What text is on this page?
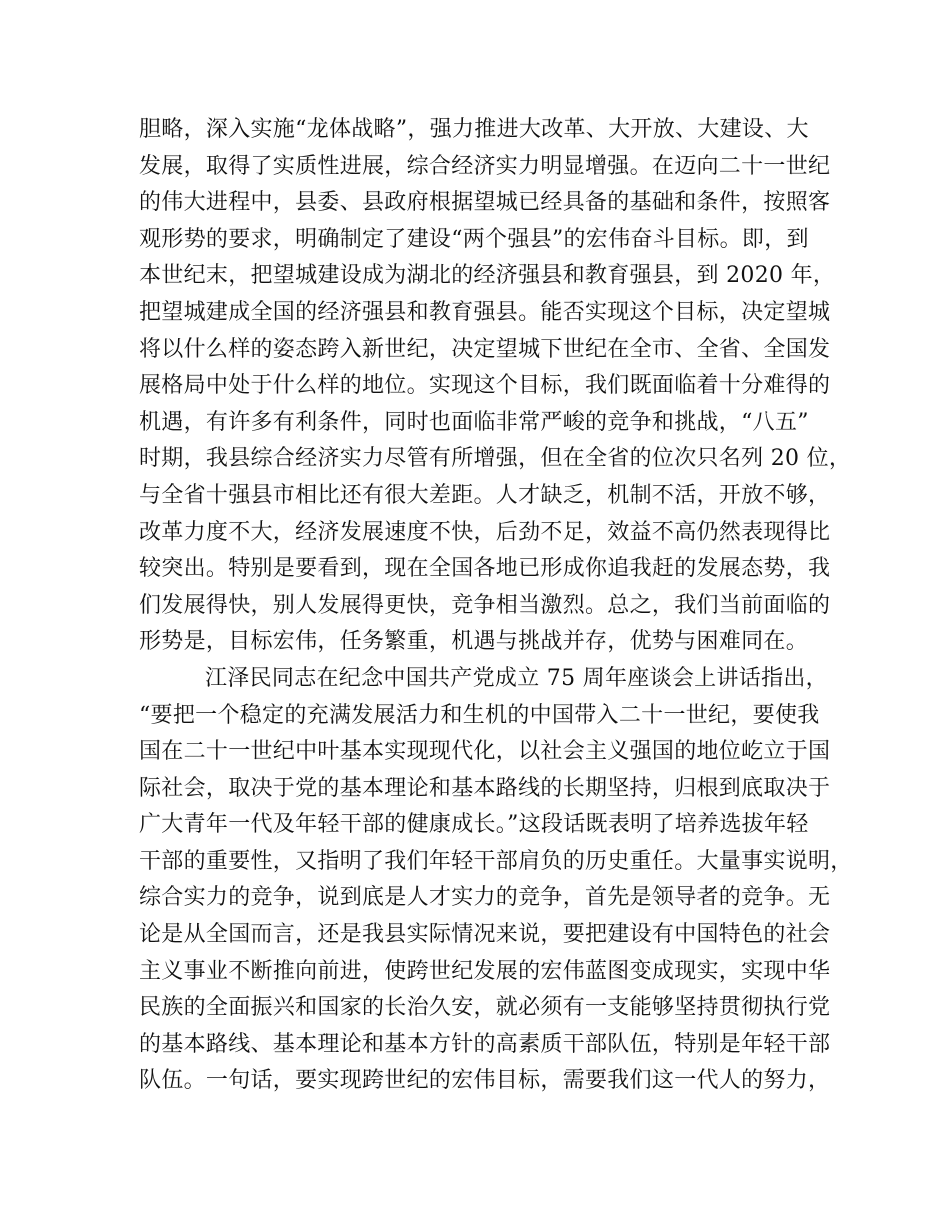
胆略，深入实施“龙体战略”，强力推进大改革、大开放、大建设、大
发展，取得了实质性进展，综合经济实力明显增强。在迈向二十一世纪
的伟大进程中，县委、县政府根据望城已经具备的基础和条件，按照客
观形势的要求，明确制定了建设“两个强县”的宏伟奋斗目标。即，到
本世纪末，把望城建设成为湖北的经济强县和教育强县，到 2020 年，
把望城建成全国的经济强县和教育强县。能否实现这个目标，决定望城
将以什么样的姿态跨入新世纪，决定望城下世纪在全市、全省、全国发
展格局中处于什么样的地位。实现这个目标，我们既面临着十分难得的
机遇，有许多有利条件，同时也面临非常严峻的竞争和挑战，“八五”
时期，我县综合经济实力尽管有所增强，但在全省的位次只名列 20 位，
与全省十强县市相比还有很大差距。人才缺乏，机制不活，开放不够，
改革力度不大，经济发展速度不快，后劲不足，效益不高仍然表现得比
较突出。特别是要看到，现在全国各地已形成你追我赶的发展态势，我
们发展得快，别人发展得更快，竞争相当激烈。总之，我们当前面临的
形势是，目标宏伟，任务繁重，机遇与挑战并存，优势与困难同在。
江泽民同志在纪念中国共产党成立 75 周年座谈会上讲话指出，
“要把一个稳定的充满发展活力和生机的中国带入二十一世纪，要使我
国在二十一世纪中叶基本实现现代化，以社会主义强国的地位屹立于国
际社会，取决于党的基本理论和基本路线的长期坚持，归根到底取决于
广大青年一代及年轻干部的健康成长。”这段话既表明了培养选拔年轻
干部的重要性，又指明了我们年轻干部肩负的历史重任。大量事实说明，
综合实力的竞争，说到底是人才实力的竞争，首先是领导者的竞争。无
论是从全国而言，还是我县实际情况来说，要把建设有中国特色的社会
主义事业不断推向前进，使跨世纪发展的宏伟蓝图变成现实，实现中华
民族的全面振兴和国家的长治久安，就必须有一支能够坚持贯彻执行党
的基本路线、基本理论和基本方针的高素质干部队伍，特别是年轻干部
队伍。一句话，要实现跨世纪的宏伟目标，需要我们这一代人的努力，
